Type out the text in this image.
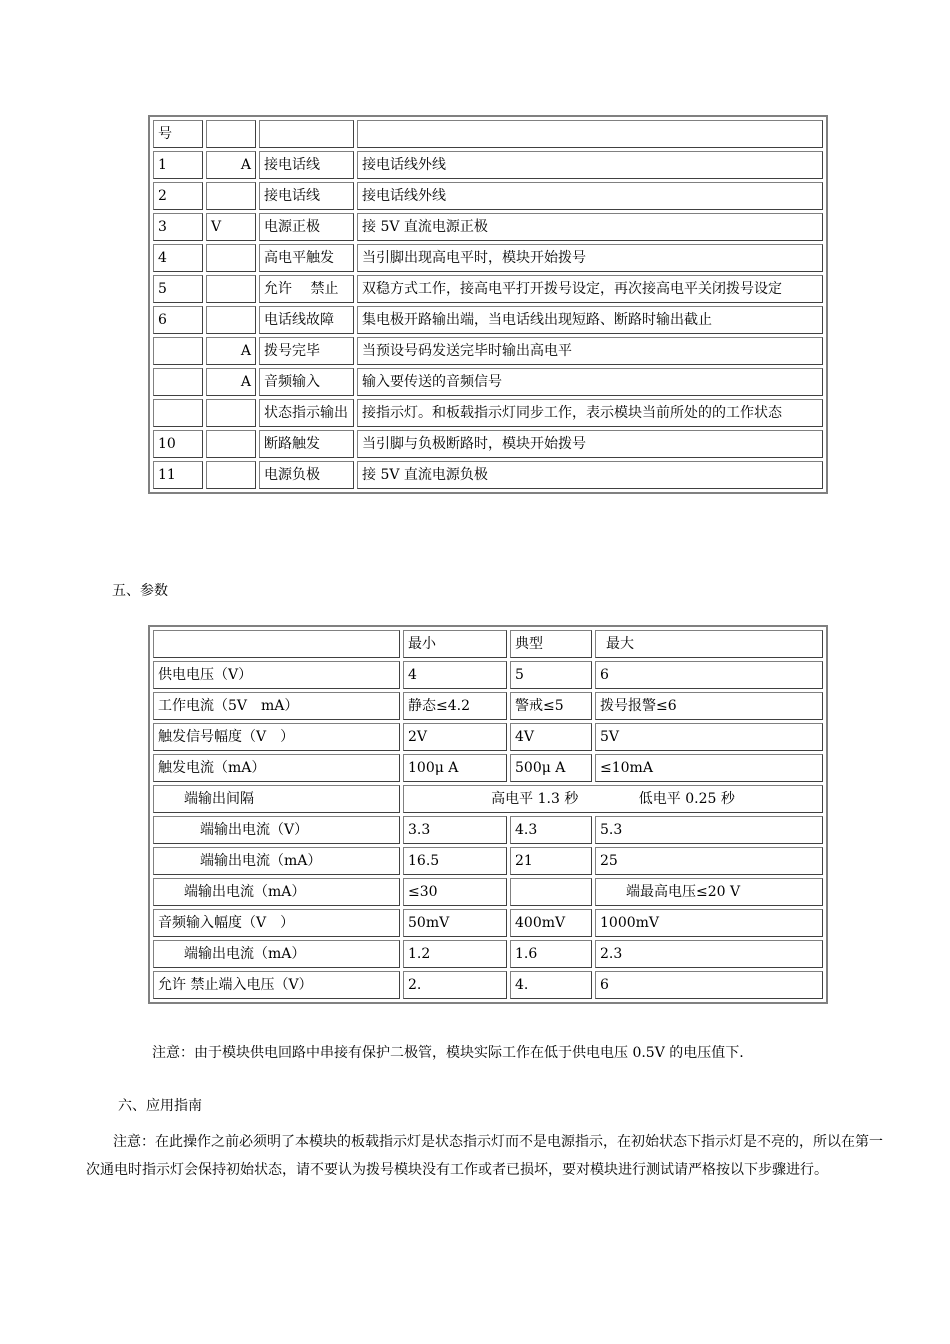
号			
1	A	接电话线	接电话线外线
2		接电话线	接电话线外线
3	V	电源正极	接 5V 直流电源正极
4		高电平触发	当引脚出现高电平时，模块开始拨号
5		允许　 禁止	双稳方式工作，接高电平打开拨号设定，再次接高电平关闭拨号设定
6		电话线故障	集电极开路输出端，当电话线出现短路、断路时输出截止
	A	拨号完毕	当预设号码发送完毕时输出高电平
	A	音频输入	输入要传送的音频信号
		状态指示输出	接指示灯。和板载指示灯同步工作，表示模块当前所处的的工作状态
10		断路触发	当引脚与负极断路时，模块开始拨号
11		电源负极	接 5V 直流电源负极
五、参数
	最小	典型	最大
供电电压（V）	4	5	6
工作电流（5V　mA）	静态≤4.2	警戒≤5	拨号报警≤6
触发信号幅度（V　）	2V	4V	5V
触发电流（mA）	100μ A	500μ A	≤10mA
端输出间隔	高电平 1.3 秒　　　　 低电平 0.25 秒		
端输出电流（V）	3.3	4.3	5.3
端输出电流（mA）	16.5	21	25
端输出电流（mA）	≤30		端最高电压≤20 V
音频输入幅度（V　）	50mV	400mV	1000mV
端输出电流（mA）	1.2	1.6	2.3
允许 禁止端入电压（V）	2.	4.	6
注意：由于模块供电回路中串接有保护二极管，模块实际工作在低于供电电压 0.5V 的电压值下.
六、应用指南
注意：在此操作之前必须明了本模块的板载指示灯是状态指示灯而不是电源指示，在初始状态下指示灯是不亮的，所以在第一次通电时指示灯会保持初始状态，请不要认为拨号模块没有工作或者已损坏，要对模块进行测试请严格按以下步骤进行。
